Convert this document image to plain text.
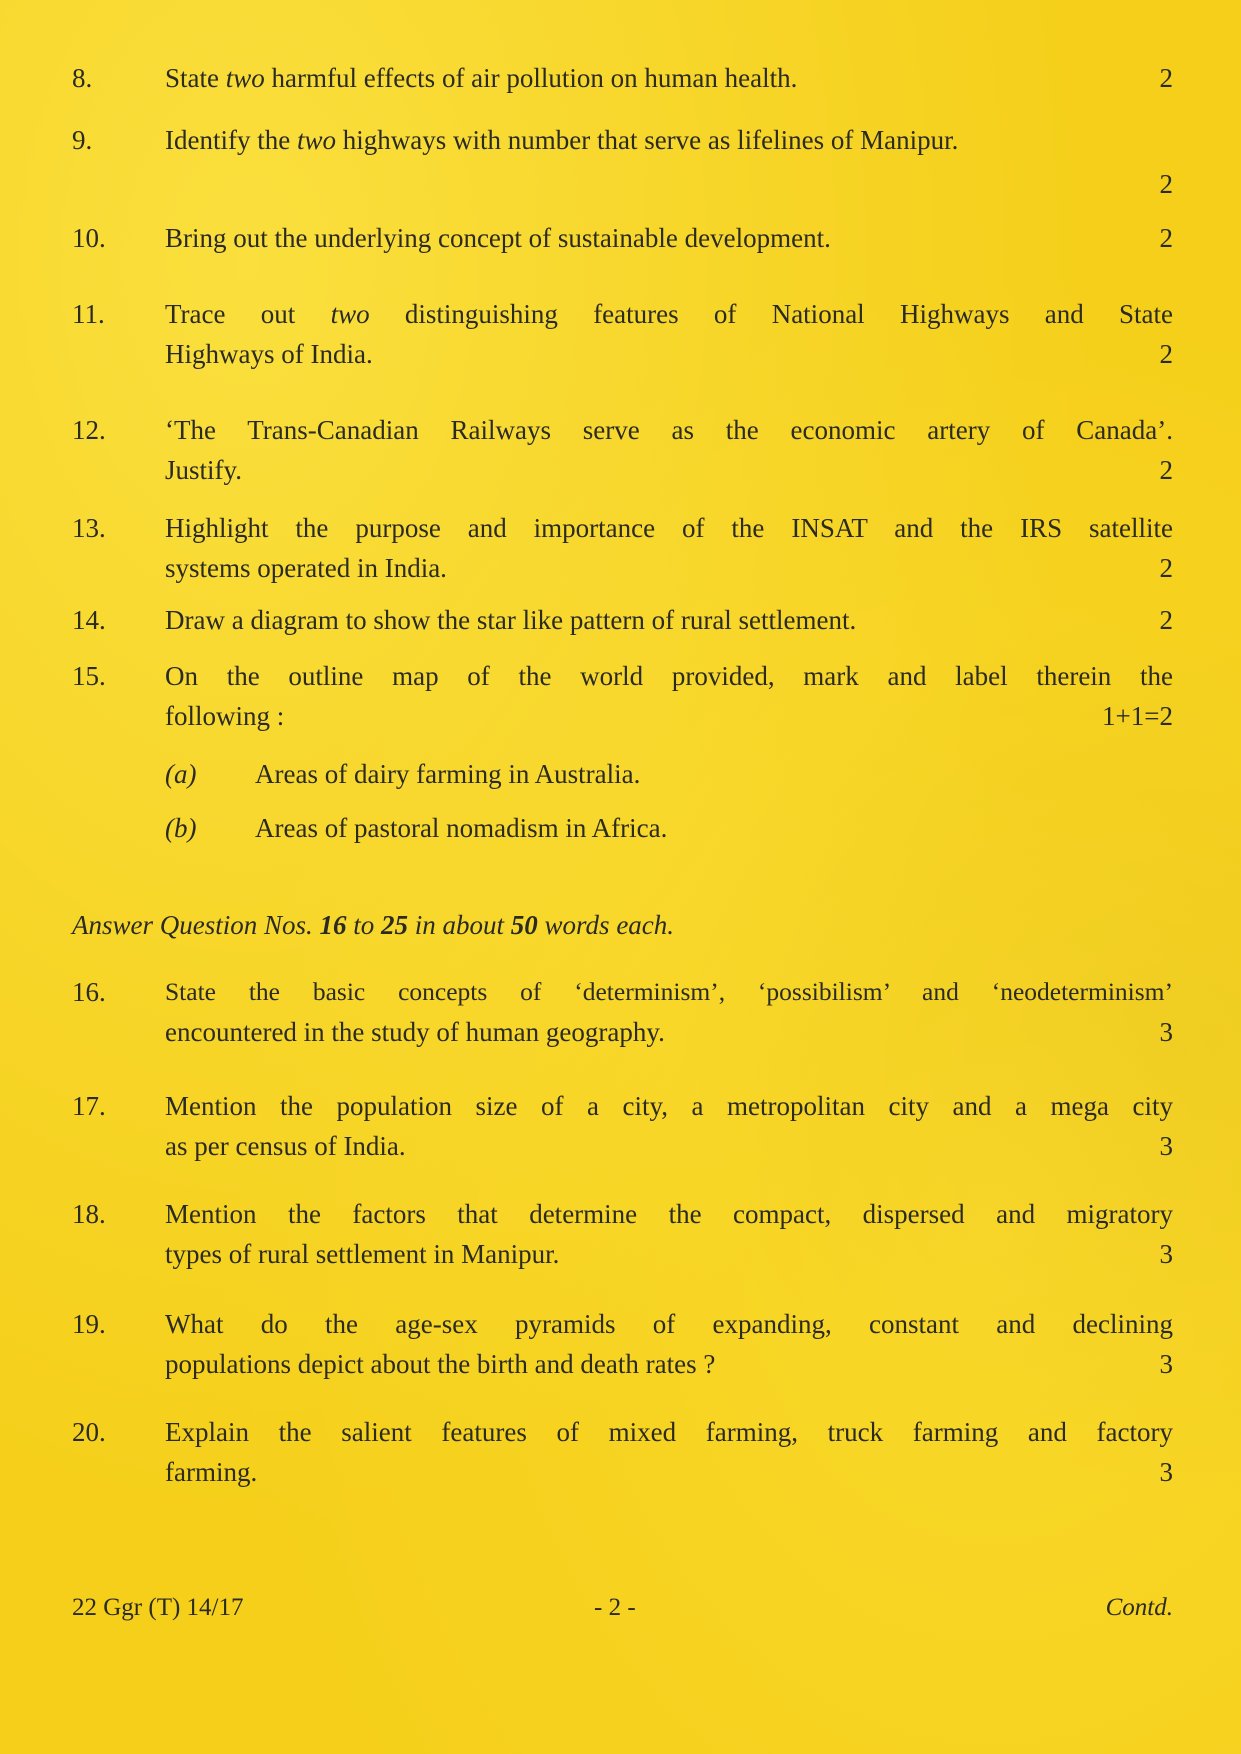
8.	State two harmful effects of air pollution on human health.	2
9.	Identify the two highways with number that serve as lifelines of Manipur.
2
10. Bring out the underlying concept of sustainable development.	2
11. Trace out two distinguishing features of National Highways and State
Highways of India.	2
12. ‘The Trans-Canadian Railways serve as the economic artery of Canada’.
Justify.	2
13. Highlight the purpose and importance of the INSAT and the IRS satellite
systems operated in India.	2
14. Draw a diagram to show the star like pattern of rural settlement.	2
15. On the outline map of the world provided, mark and label therein the
following :	1+1=2
(a) Areas of dairy farming in Australia.
(b) Areas of pastoral nomadism in Africa.
Answer Question Nos. 16 to 25 in about 50 words each.
16. State the basic concepts of ‘determinism’, ‘possibilism’ and ‘neodeterminism’
encountered in the study of human geography.	3
17. Mention the population size of a city, a metropolitan city and a mega city
as per census of India.	3
18. Mention the factors that determine the compact, dispersed and migratory
types of rural settlement in Manipur.	3
19. What do the age-sex pyramids of expanding, constant and declining
populations depict about the birth and death rates ?	3
20. Explain the salient features of mixed farming, truck farming and factory
farming.	3
22 Ggr (T) 14/17	- 2 -	Contd.
